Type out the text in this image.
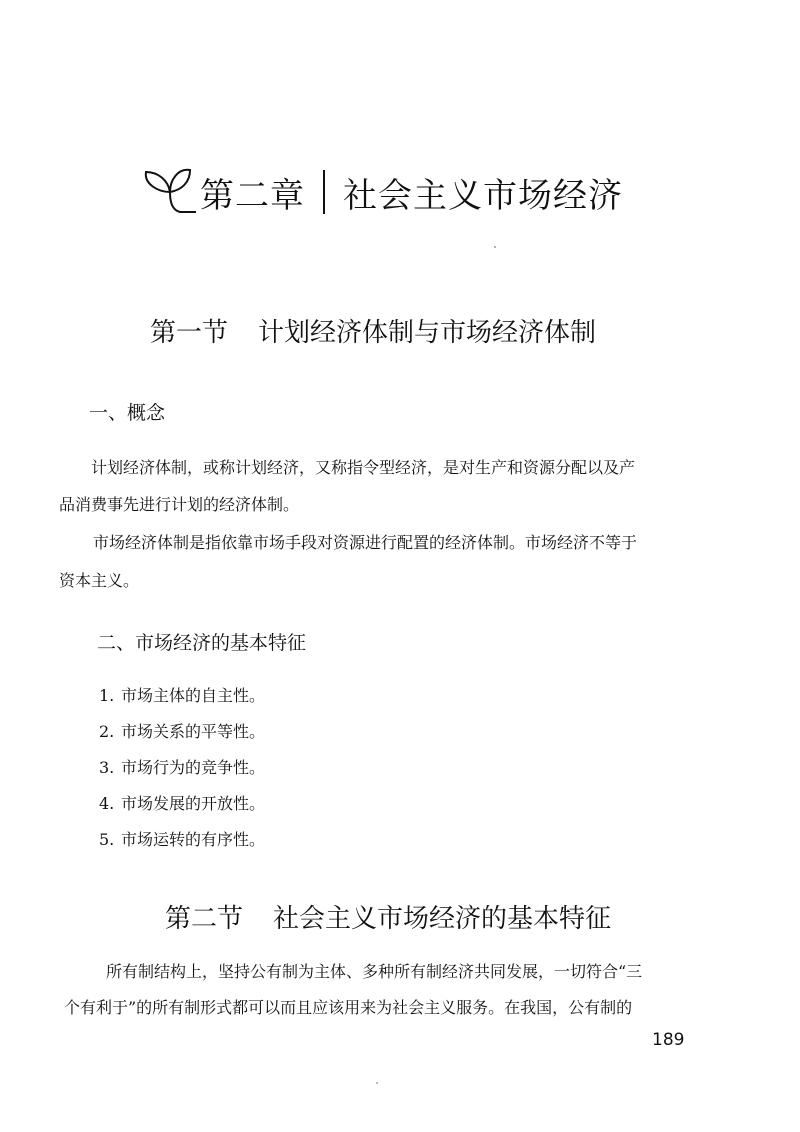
第二章 社会主义市场经济
第一节 计划经济体制与市场经济体制
一、概念
计划经济体制，或称计划经济，又称指令型经济，是对生产和资源分配以及产
品消费事先进行计划的经济体制。
市场经济体制是指依靠市场手段对资源进行配置的经济体制。市场经济不等于
资本主义。
二、市场经济的基本特征
1. 市场主体的自主性。
2. 市场关系的平等性。
3. 市场行为的竞争性。
4. 市场发展的开放性。
5. 市场运转的有序性。
第二节 社会主义市场经济的基本特征
所有制结构上，坚持公有制为主体、多种所有制经济共同发展，一切符合“三
个有利于”的所有制形式都可以而且应该用来为社会主义服务。在我国，公有制的
189
